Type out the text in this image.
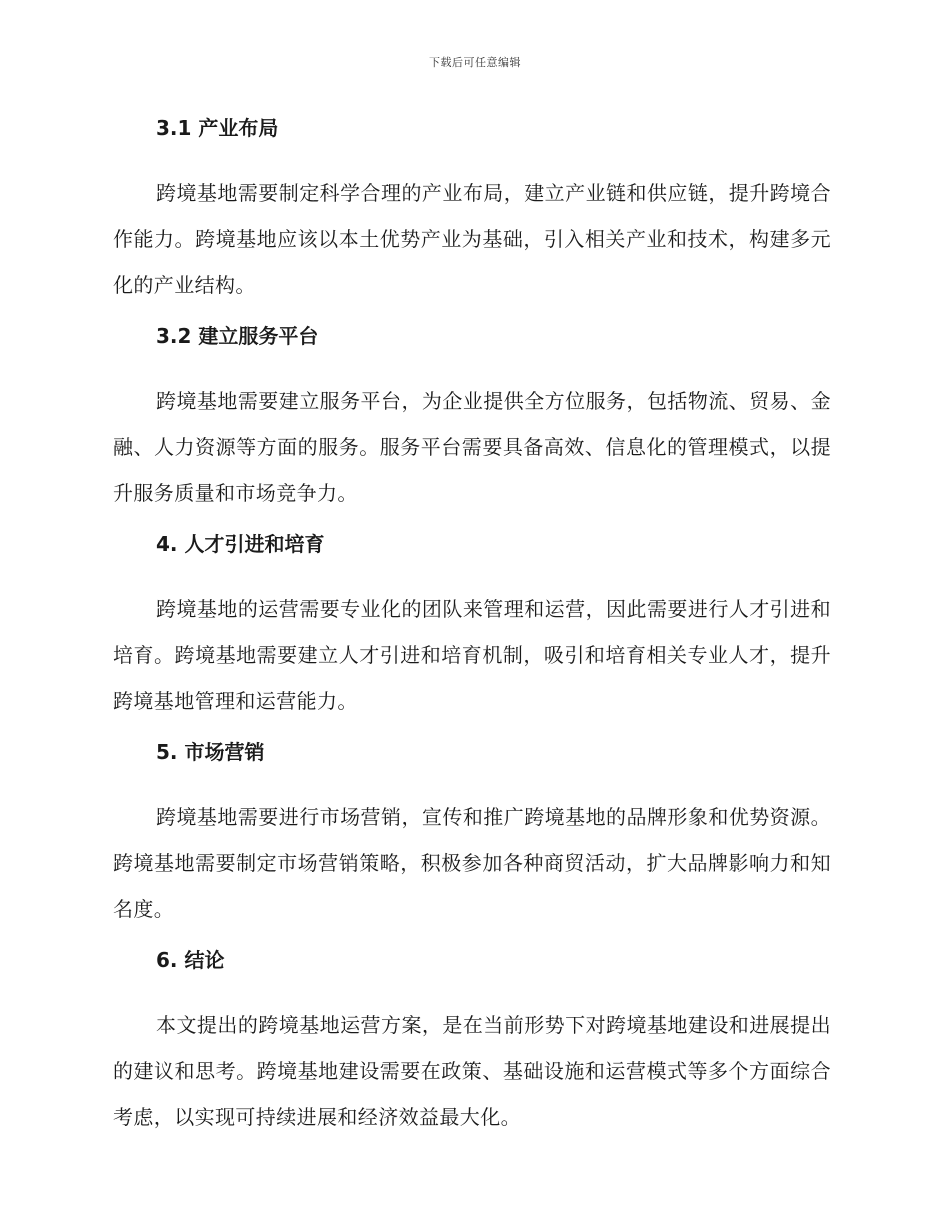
下载后可任意编辑
3.1 产业布局

跨境基地需要制定科学合理的产业布局，建立产业链和供应链，提升跨境合作能力。跨境基地应该以本土优势产业为基础，引入相关产业和技术，构建多元化的产业结构。

3.2 建立服务平台

跨境基地需要建立服务平台，为企业提供全方位服务，包括物流、贸易、金融、人力资源等方面的服务。服务平台需要具备高效、信息化的管理模式，以提升服务质量和市场竞争力。

4. 人才引进和培育

跨境基地的运营需要专业化的团队来管理和运营，因此需要进行人才引进和培育。跨境基地需要建立人才引进和培育机制，吸引和培育相关专业人才，提升跨境基地管理和运营能力。

5. 市场营销

跨境基地需要进行市场营销，宣传和推广跨境基地的品牌形象和优势资源。跨境基地需要制定市场营销策略，积极参加各种商贸活动，扩大品牌影响力和知名度。

6. 结论

本文提出的跨境基地运营方案，是在当前形势下对跨境基地建设和进展提出的建议和思考。跨境基地建设需要在政策、基础设施和运营模式等多个方面综合考虑，以实现可持续进展和经济效益最大化。
